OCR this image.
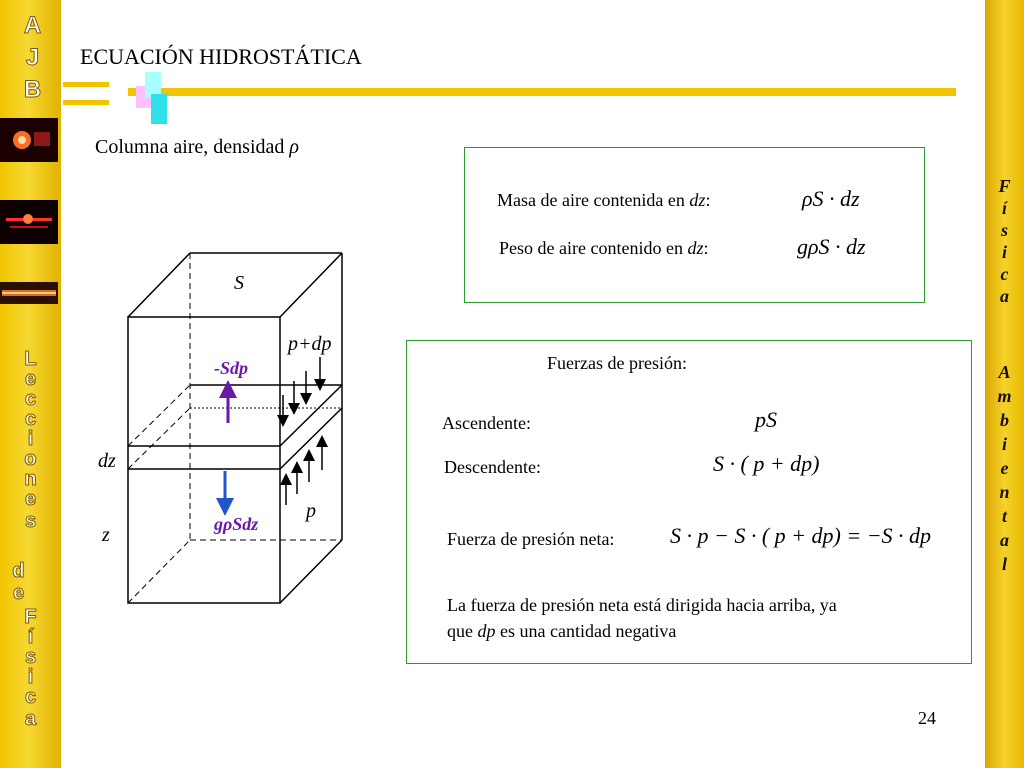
A
J
B
L
e
c
c
i
o
n
e
s
d
e
F
í
s
i
c
a
F
í
s
i
c
a
A
m
b
i
e
n
t
a
l
ECUACIÓN HIDROSTÁTICA
Columna aire, densidad ρ
Masa de aire contenida en dz:	ρS · dz
Peso de aire contenido en dz:	gρS · dz
Fuerzas de presión:
Ascendente:	pS
Descendente:	S · ( p + dp)
Fuerza de presión neta:	S · p − S · ( p + dp) = −S · dp
La fuerza de presión neta está dirigida hacia arriba, ya
que dp es una cantidad negativa
S
p+dp
-Sdp
dz
p
z	gρSdz
24
